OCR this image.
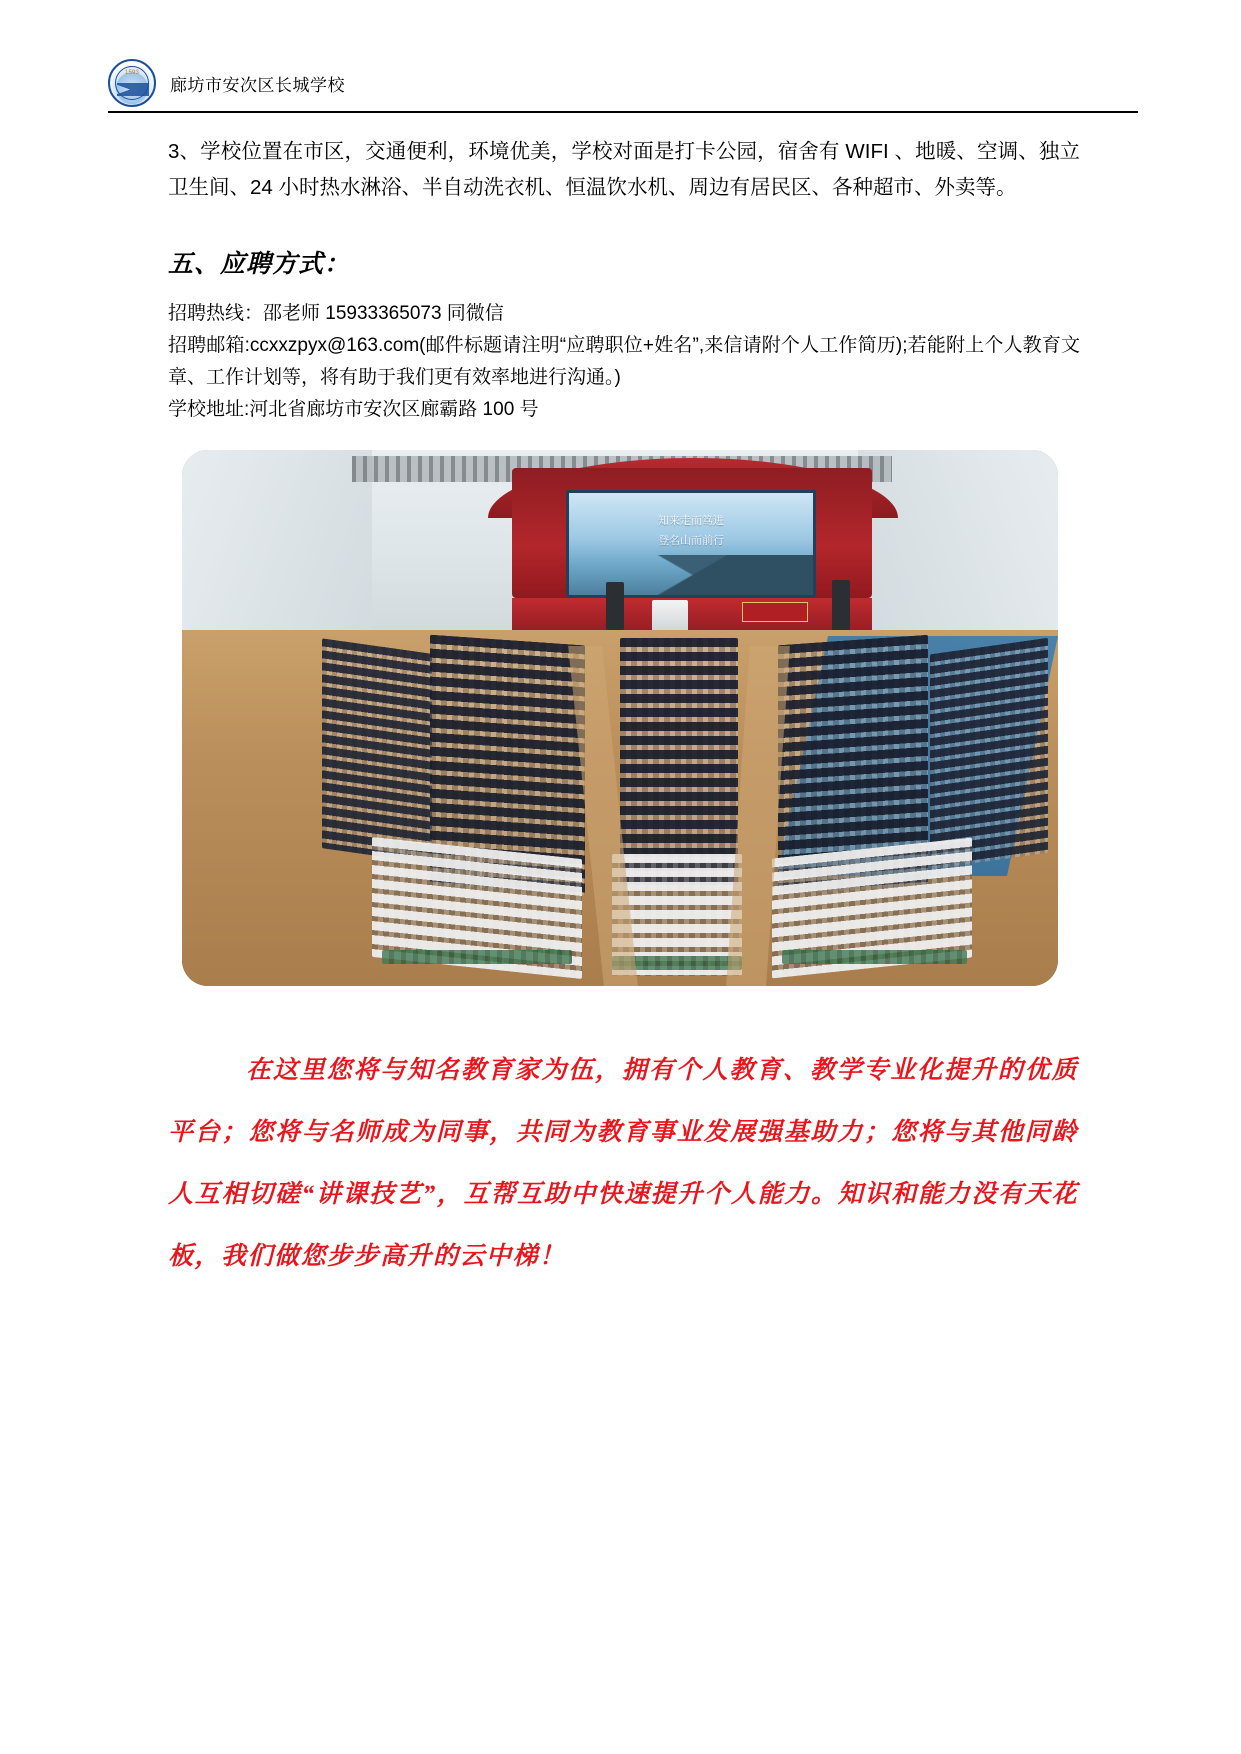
1593
廊坊市安次区长城学校

3、学校位置在市区，交通便利，环境优美，学校对面是打卡公园，宿舍有 WIFI 、地暖、空调、独立卫生间、24 小时热水淋浴、半自动洗衣机、恒温饮水机、周边有居民区、各种超市、外卖等。

五、应聘方式：

招聘热线：邵老师 15933365073 同微信

招聘邮箱:ccxxzpyx@163.com(邮件标题请注明“应聘职位+姓名”,来信请附个人工作简历);若能附上个人教育文章、工作计划等，将有助于我们更有效率地进行沟通。)

学校地址:河北省廊坊市安次区廊霸路 100 号

知来走而笃进
登名山而前行
在这里您将与知名教育家为伍，拥有个人教育、教学专业化提升的优质平台；您将与名师成为同事，共同为教育事业发展强基助力；您将与其他同龄人互相切磋“讲课技艺”，互帮互助中快速提升个人能力。知识和能力没有天花板，我们做您步步高升的云中梯！
